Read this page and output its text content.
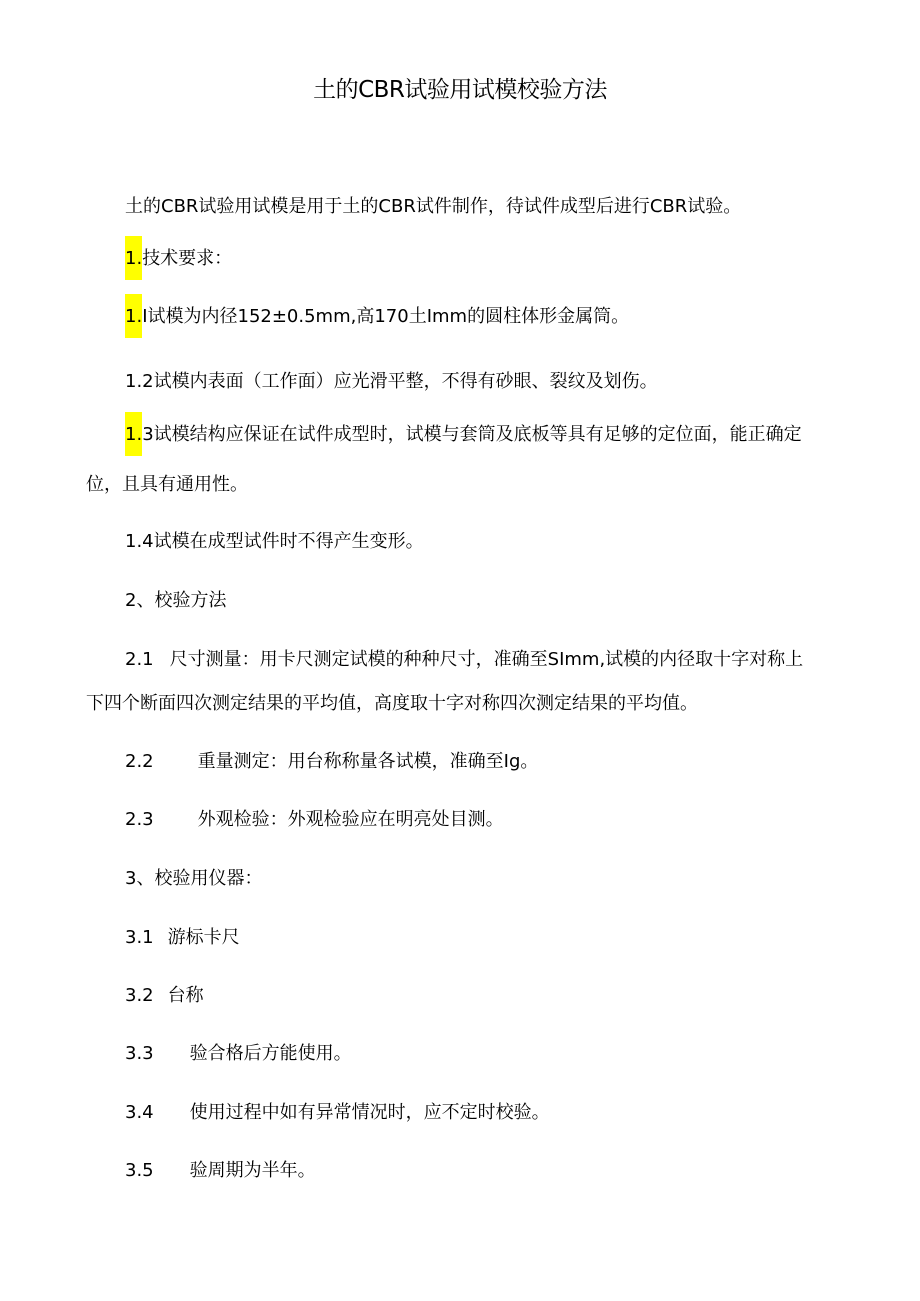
土的CBR试验用试模校验方法
土的CBR试验用试模是用于土的CBR试件制作，待试件成型后进行CBR试验。
1.技术要求：
1.I试模为内径152±0.5mm,高170土Imm的圆柱体形金属筒。
1.2试模内表面（工作面）应光滑平整，不得有砂眼、裂纹及划伤。
1.3试模结构应保证在试件成型时，试模与套筒及底板等具有足够的定位面，能正确定
位，且具有通用性。
1.4试模在成型试件时不得产生变形。
2、校验方法
2.1 尺寸测量：用卡尺测定试模的种种尺寸，准确至SImm,试模的内径取十字对称上
下四个断面四次测定结果的平均值，高度取十字对称四次测定结果的平均值。
2.2 重量测定：用台称称量各试模，准确至Ig。
2.3 外观检验：外观检验应在明亮处目测。
3、校验用仪器：
3.1 游标卡尺
3.2 台称
3.3 验合格后方能使用。
3.4 使用过程中如有异常情况时，应不定时校验。
3.5 验周期为半年。
